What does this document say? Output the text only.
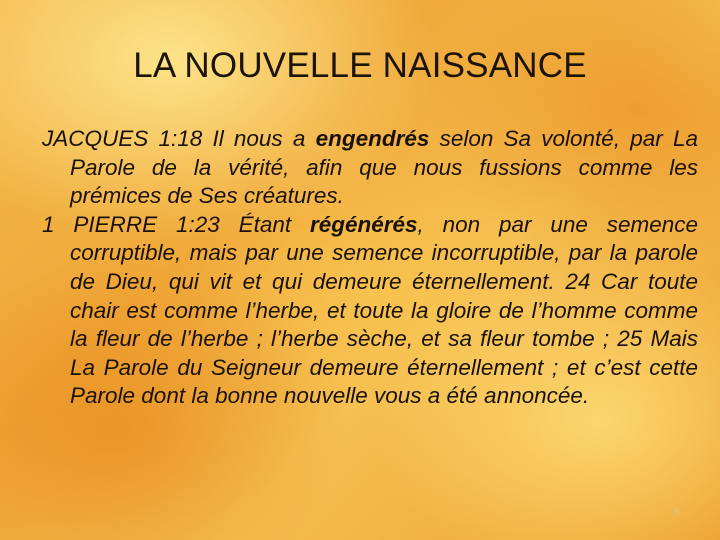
LA NOUVELLE NAISSANCE

JACQUES 1:18 Il nous a engendrés selon Sa volonté, par La Parole de la vérité, afin que nous fussions comme les prémices de Ses créatures.

1 PIERRE 1:23 Étant régénérés, non par une semence corruptible, mais par une semence incorruptible, par la parole de Dieu, qui vit et qui demeure éternellement. 24 Car toute chair est comme l’herbe, et toute la gloire de l’homme comme la fleur de l’herbe ; l’herbe sèche, et sa fleur tombe ; 25 Mais La Parole du Seigneur demeure éternellement ; et c’est cette Parole dont la bonne nouvelle vous a été annoncée.

6
